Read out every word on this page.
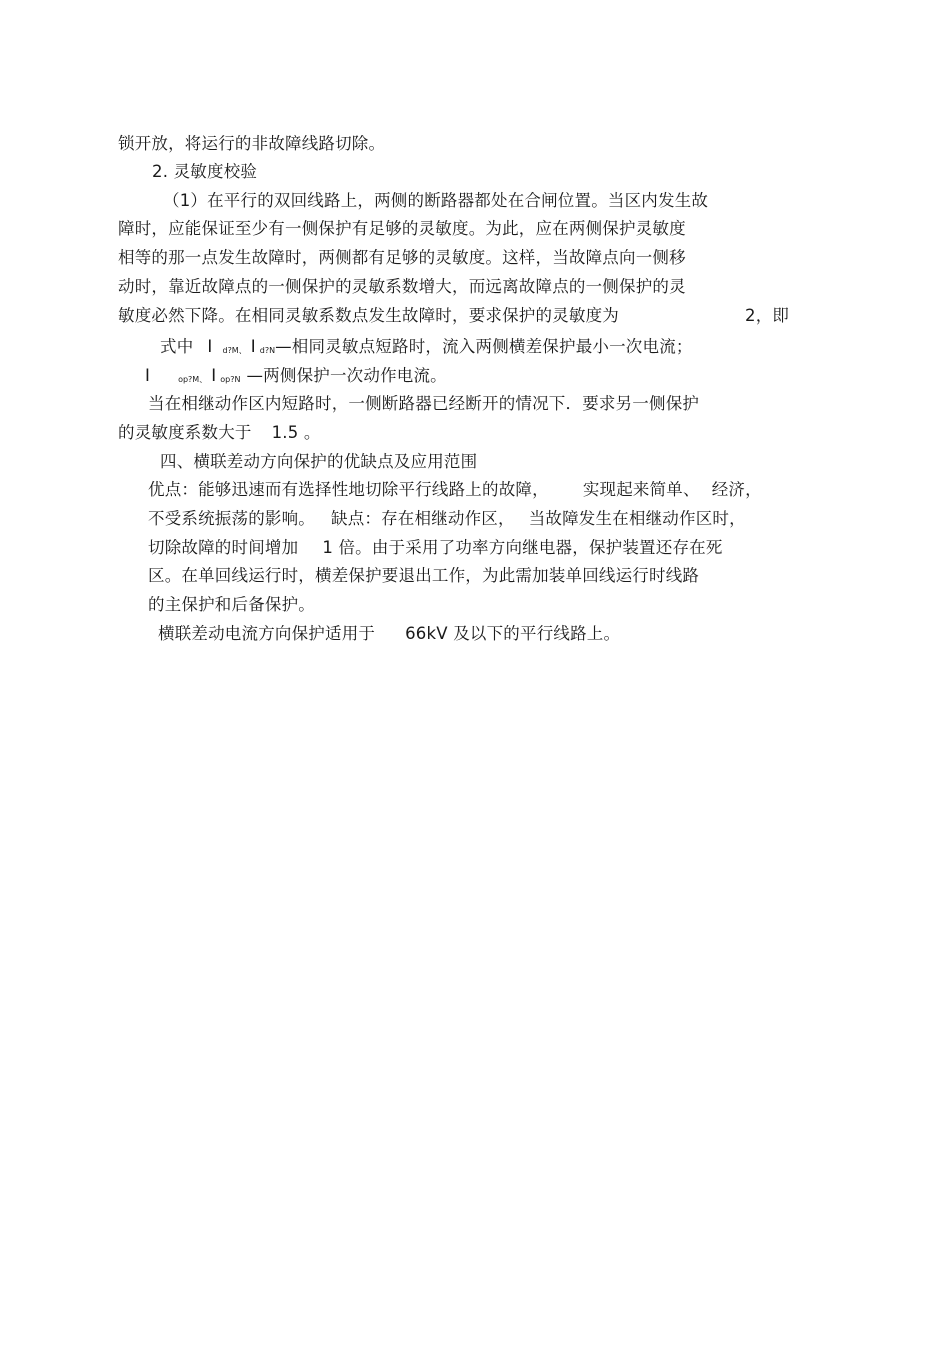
锁开放，将运行的非故障线路切除。
2. 灵敏度校验
（1）在平行的双回线路上，两侧的断路器都处在合闸位置。当区内发生故
障时，应能保证至少有一侧保护有足够的灵敏度。为此，应在两侧保护灵敏度
相等的那一点发生故障时，两侧都有足够的灵敏度。这样，当故障点向一侧移
动时，靠近故障点的一侧保护的灵敏系数增大，而远离故障点的一侧保护的灵
敏度必然下降。在相同灵敏系数点发生故障时，要求保护的灵敏度为	2，即
式中 I d?M、 I d?N—相同灵敏点短路时，流入两侧横差保护最小一次电流；
I	op?M、 I op?N —两侧保护一次动作电流。
当在相继动作区内短路时，一侧断路器已经断开的情况下．要求另一侧保护
的灵敏度系数大于 1.5 。
四、横联差动方向保护的优缺点及应用范围
优点：能够迅速而有选择性地切除平行线路上的故障， 实现起来简单、 经济，
不受系统振荡的影响。 缺点：存在相继动作区， 当故障发生在相继动作区时，
切除故障的时间增加 1 倍。由于采用了功率方向继电器，保护装置还存在死
区。在单回线运行时，横差保护要退出工作，为此需加装单回线运行时线路
的主保护和后备保护。
横联差动电流方向保护适用于 66kV 及以下的平行线路上。
